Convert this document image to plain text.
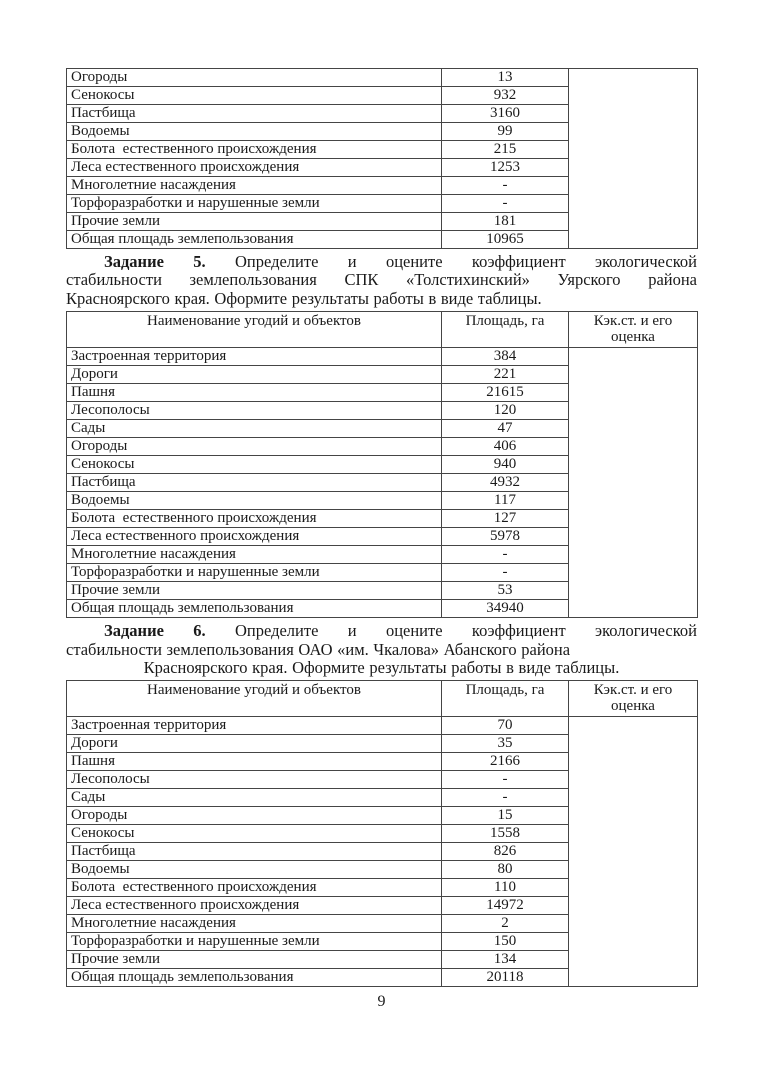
Огороды	13	
Сенокосы	932	
Пастбища	3160	
Водоемы	99	
Болота  естественного происхождения	215	
Леса естественного происхождения	1253	
Многолетние насаждения	-	
Торфоразработки и нарушенные земли	-	
Прочие земли	181	
Общая площадь землепользования	10965	
Задание 5. Определите и оцените коэффициент экологической
стабильности землепользования СПК «Толстихинский» Уярского района
Красноярского края. Оформите результаты работы в виде таблицы.
Наименование угодий и объектов	Площадь, га	Кэк.ст. и его оценка
Застроенная территория	384	
Дороги	221	
Пашня	21615	
Лесополосы	120	
Сады	47	
Огороды	406	
Сенокосы	940	
Пастбища	4932	
Водоемы	117	
Болота  естественного происхождения	127	
Леса естественного происхождения	5978	
Многолетние насаждения	-	
Торфоразработки и нарушенные земли	-	
Прочие земли	53	
Общая площадь землепользования	34940	
Задание 6. Определите и оцените коэффициент экологической
стабильности землепользования ОАО «им. Чкалова» Абанского района
Красноярского края. Оформите результаты работы в виде таблицы.
Наименование угодий и объектов	Площадь, га	Кэк.ст. и его оценка
Застроенная территория	70	
Дороги	35	
Пашня	2166	
Лесополосы	-	
Сады	-	
Огороды	15	
Сенокосы	1558	
Пастбища	826	
Водоемы	80	
Болота  естественного происхождения	110	
Леса естественного происхождения	14972	
Многолетние насаждения	2	
Торфоразработки и нарушенные земли	150	
Прочие земли	134	
Общая площадь землепользования	20118	
9
